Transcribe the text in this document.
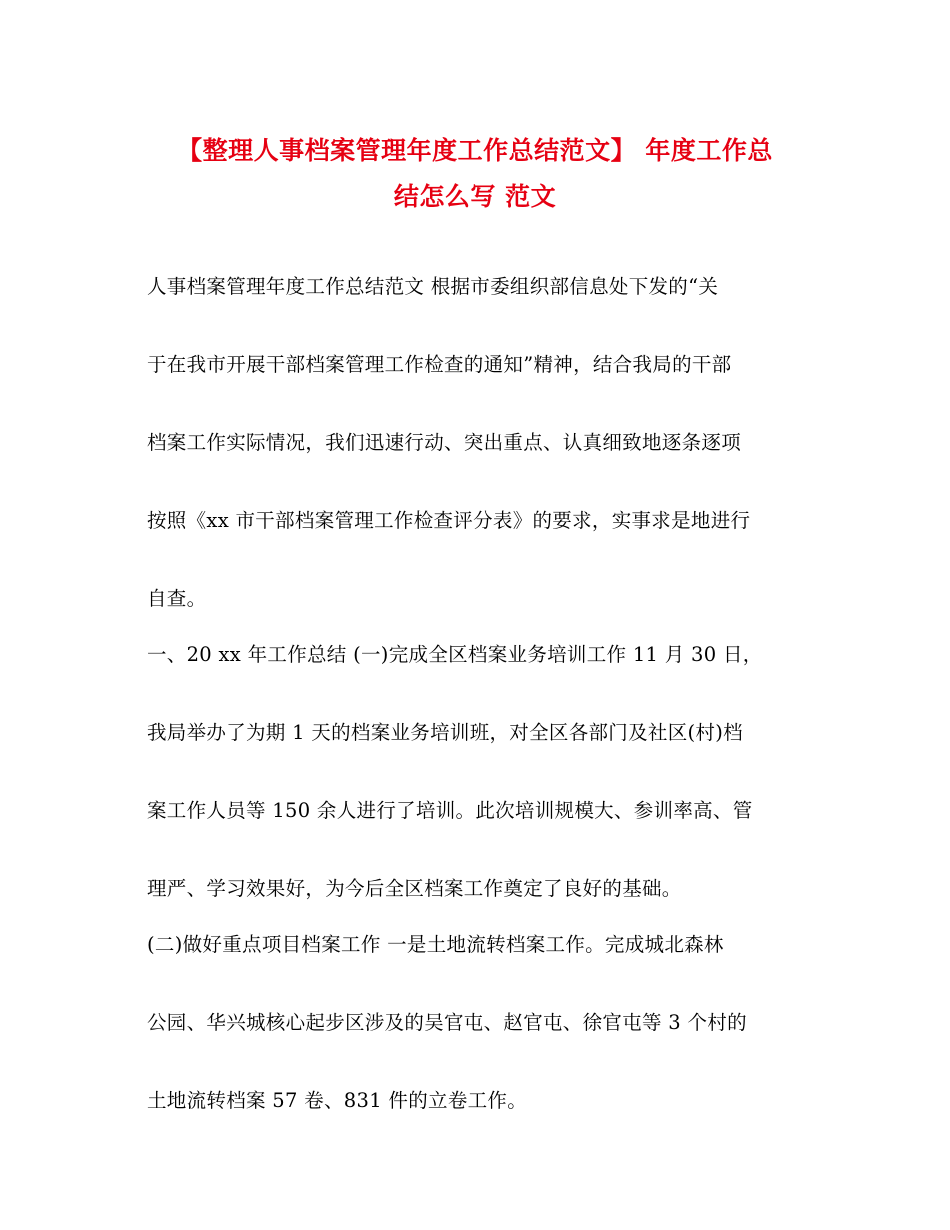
【整理人事档案管理年度工作总结范文】 年度工作总
结怎么写 范文

人事档案管理年度工作总结范文 根据市委组织部信息处下发的“关
于在我市开展干部档案管理工作检查的通知”精神，结合我局的干部
档案工作实际情况，我们迅速行动、突出重点、认真细致地逐条逐项
按照《xx 市干部档案管理工作检查评分表》的要求，实事求是地进行
自查。

一、20 xx 年工作总结 (一)完成全区档案业务培训工作 11 月 30 日，
我局举办了为期 1 天的档案业务培训班，对全区各部门及社区(村)档
案工作人员等 150 余人进行了培训。此次培训规模大、参训率高、管
理严、学习效果好，为今后全区档案工作奠定了良好的基础。

(二)做好重点项目档案工作 一是土地流转档案工作。完成城北森林
公园、华兴城核心起步区涉及的吴官屯、赵官屯、徐官屯等 3 个村的
土地流转档案 57 卷、831 件的立卷工作。
